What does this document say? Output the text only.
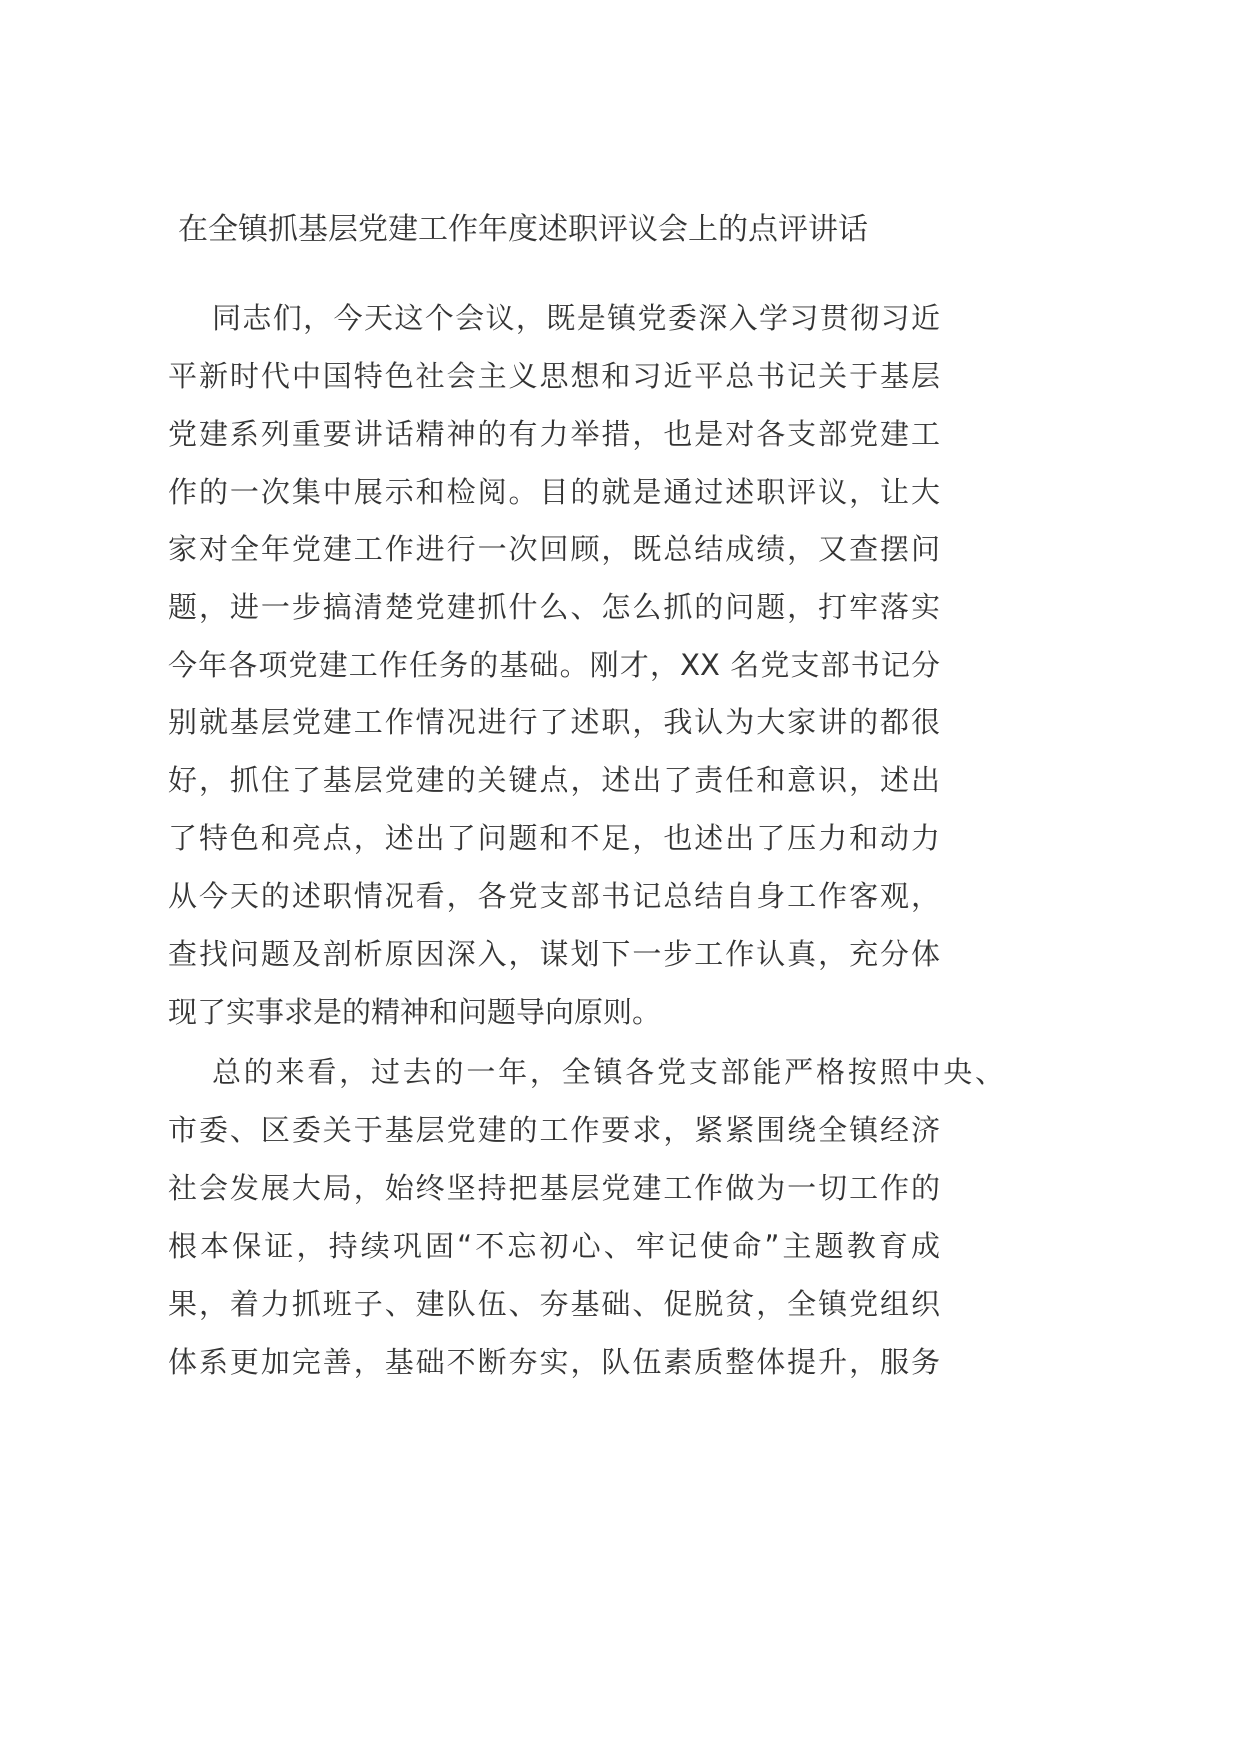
在全镇抓基层党建工作年度述职评议会上的点评讲话
同志们，今天这个会议，既是镇党委深入学习贯彻习近
平新时代中国特色社会主义思想和习近平总书记关于基层
党建系列重要讲话精神的有力举措，也是对各支部党建工
作的一次集中展示和检阅。目的就是通过述职评议，让大
家对全年党建工作进行一次回顾，既总结成绩，又查摆问
题，进一步搞清楚党建抓什么、怎么抓的问题，打牢落实
今年各项党建工作任务的基础。刚才，XX 名党支部书记分
别就基层党建工作情况进行了述职，我认为大家讲的都很
好，抓住了基层党建的关键点，述出了责任和意识，述出
了特色和亮点，述出了问题和不足，也述出了压力和动力
从今天的述职情况看，各党支部书记总结自身工作客观，
查找问题及剖析原因深入，谋划下一步工作认真，充分体
现了实事求是的精神和问题导向原则。
总的来看，过去的一年，全镇各党支部能严格按照中央、
市委、区委关于基层党建的工作要求，紧紧围绕全镇经济
社会发展大局，始终坚持把基层党建工作做为一切工作的
根本保证，持续巩固“不忘初心、牢记使命”主题教育成
果，着力抓班子、建队伍、夯基础、促脱贫，全镇党组织
体系更加完善，基础不断夯实，队伍素质整体提升，服务
